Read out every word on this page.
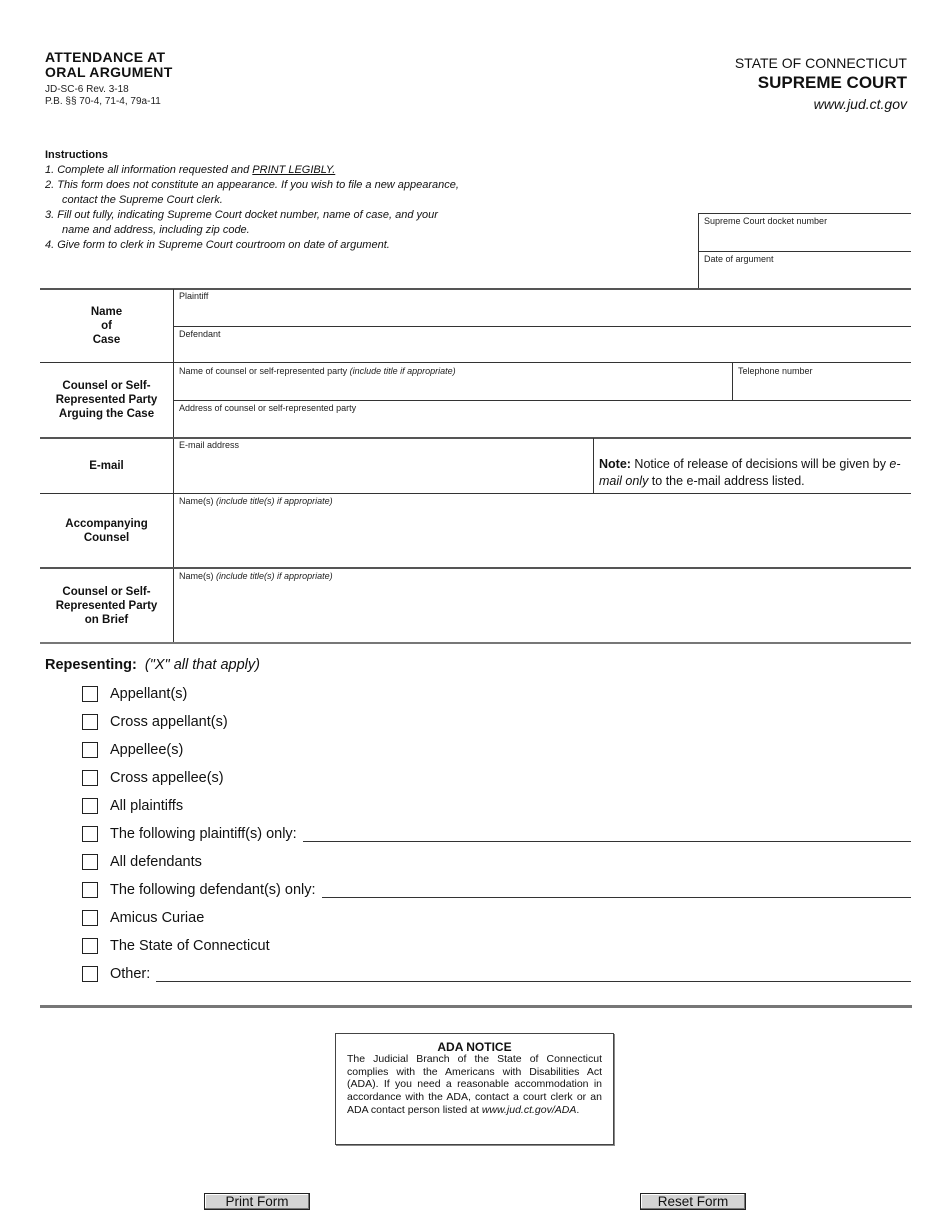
ATTENDANCE AT
ORAL ARGUMENT
JD-SC-6 Rev. 3-18
P.B. §§ 70-4, 71-4, 79a-11
STATE OF CONNECTICUT
SUPREME COURT
www.jud.ct.gov
Instructions
1. Complete all information requested and PRINT LEGIBLY.
2. This form does not constitute an appearance. If you wish to file a new appearance, contact the Supreme Court clerk.
3. Fill out fully, indicating Supreme Court docket number, name of case, and your name and address, including zip code.
4. Give form to clerk in Supreme Court courtroom on date of argument.
Supreme Court docket number
Date of argument
Name
of
Case
Plaintiff
Defendant
Counsel or Self-Represented Party Arguing the Case
Name of counsel or self-represented party (include title if appropriate)	Telephone number
Address of counsel or self-represented party
E-mail
E-mail address
Note: Notice of release of decisions will be given by e-mail only to the e-mail address listed.
Accompanying Counsel
Name(s) (include title(s) if appropriate)
Counsel or Self-Represented Party on Brief
Name(s) (include title(s) if appropriate)
Repesenting: ("X" all that apply)
Appellant(s)
Cross appellant(s)
Appellee(s)
Cross appellee(s)
All plaintiffs
The following plaintiff(s) only:
All defendants
The following defendant(s) only:
Amicus Curiae
The State of Connecticut
Other:
ADA NOTICE
The Judicial Branch of the State of Connecticut complies with the Americans with Disabilities Act (ADA). If you need a reasonable accommodation in accordance with the ADA, contact a court clerk or an ADA contact person listed at www.jud.ct.gov/ADA.
Print Form	Reset Form
